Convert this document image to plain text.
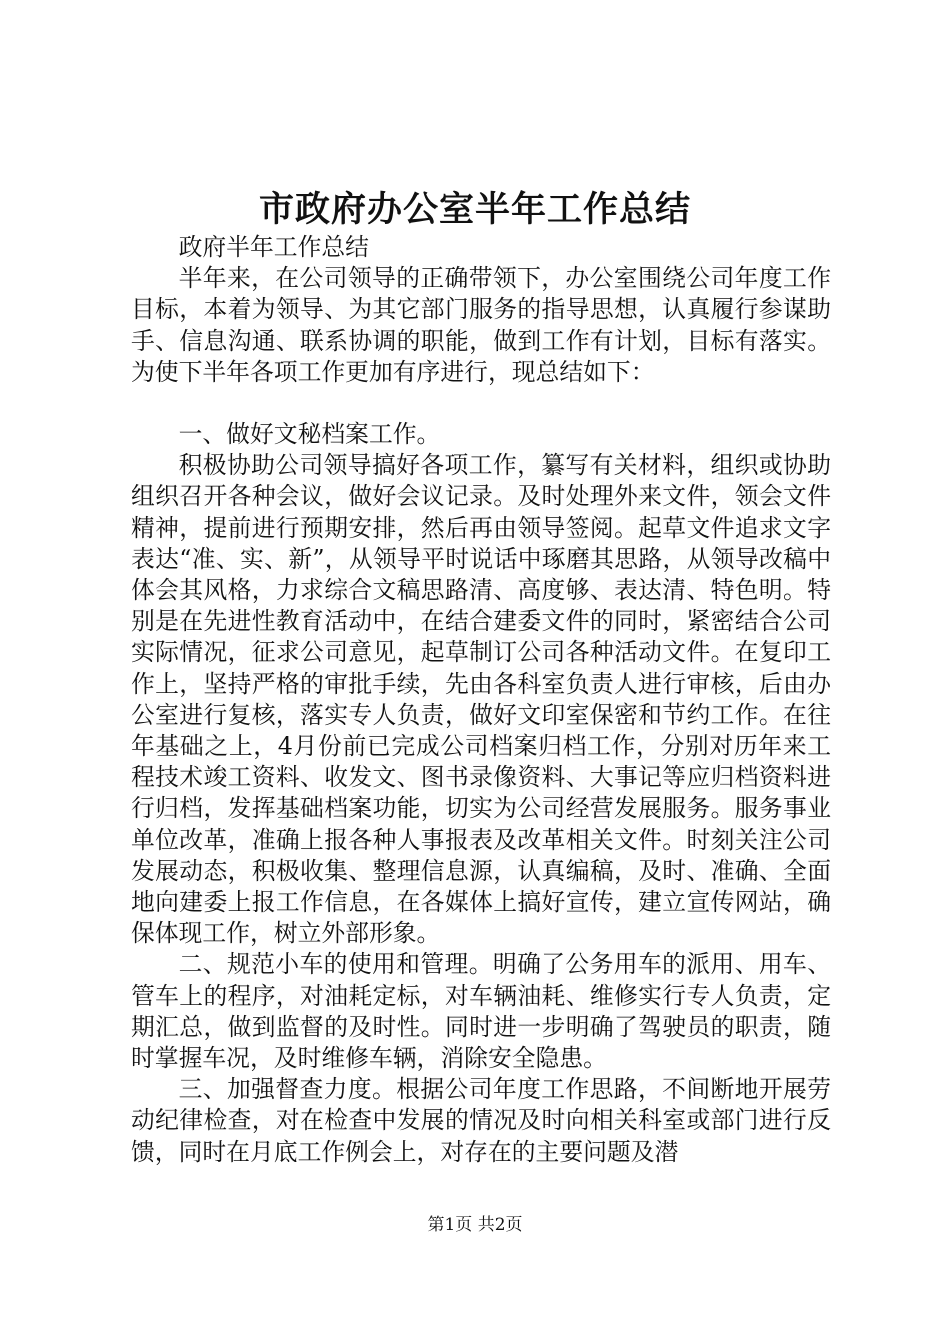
市政府办公室半年工作总结

政府半年工作总结

半年来，在公司领导的正确带领下，办公室围绕公司年度工作目标，本着为领导、为其它部门服务的指导思想，认真履行参谋助手、信息沟通、联系协调的职能，做到工作有计划，目标有落实。为使下半年各项工作更加有序进行，现总结如下：

一、做好文秘档案工作。

积极协助公司领导搞好各项工作，纂写有关材料，组织或协助组织召开各种会议，做好会议记录。及时处理外来文件，领会文件精神，提前进行预期安排，然后再由领导签阅。起草文件追求文字表达“准、实、新”，从领导平时说话中琢磨其思路，从领导改稿中体会其风格，力求综合文稿思路清、高度够、表达清、特色明。特别是在先进性教育活动中，在结合建委文件的同时，紧密结合公司实际情况，征求公司意见，起草制订公司各种活动文件。在复印工作上，坚持严格的审批手续，先由各科室负责人进行审核，后由办公室进行复核，落实专人负责，做好文印室保密和节约工作。在往年基础之上，4月份前已完成公司档案归档工作，分别对历年来工程技术竣工资料、收发文、图书录像资料、大事记等应归档资料进行归档，发挥基础档案功能，切实为公司经营发展服务。服务事业单位改革，准确上报各种人事报表及改革相关文件。时刻关注公司发展动态，积极收集、整理信息源，认真编稿，及时、准确、全面地向建委上报工作信息，在各媒体上搞好宣传，建立宣传网站，确保体现工作，树立外部形象。

二、规范小车的使用和管理。明确了公务用车的派用、用车、管车上的程序，对油耗定标，对车辆油耗、维修实行专人负责，定期汇总，做到监督的及时性。同时进一步明确了驾驶员的职责，随时掌握车况，及时维修车辆，消除安全隐患。

三、加强督查力度。根据公司年度工作思路，不间断地开展劳动纪律检查，对在检查中发展的情况及时向相关科室或部门进行反馈，同时在月底工作例会上，对存在的主要问题及潜

第1页 共2页
